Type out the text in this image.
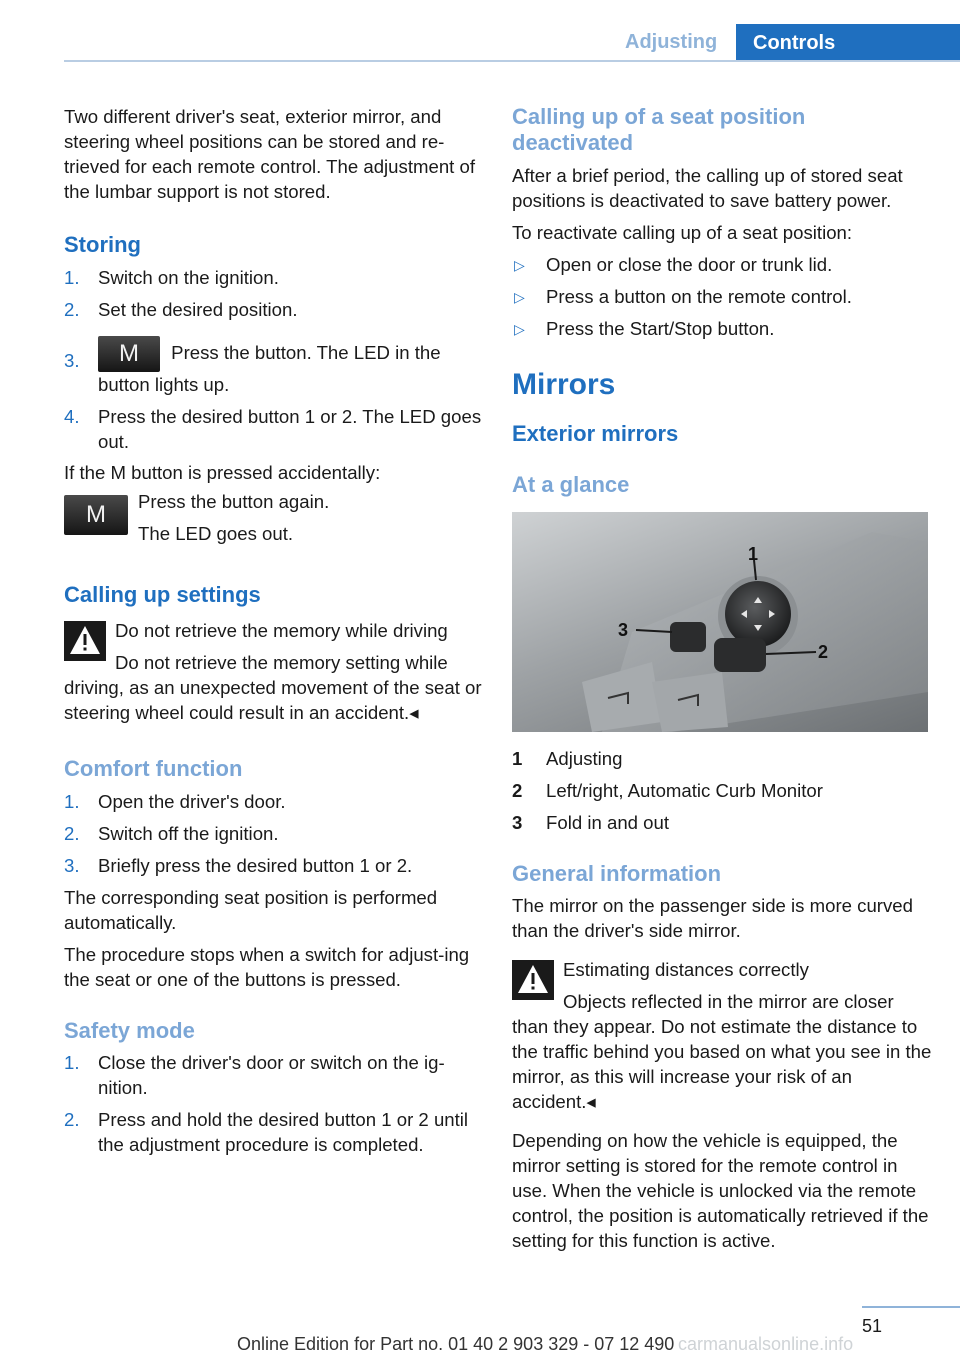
Adjusting Controls

Two different driver's seat, exterior mirror, and steering wheel positions can be stored and re-trieved for each remote control. The adjustment of the lumbar support is not stored.

Storing
1. Switch on the ignition.
2. Set the desired position.
3. M Press the button. The LED in the button lights up.
4. Press the desired button 1 or 2. The LED goes out.

If the M button is pressed accidentally:

M	Press the button again.

The LED goes out.

Calling up settings

Do not retrieve the memory while driving

Do not retrieve the memory setting while driving, as an unexpected movement of the seat or steering wheel could result in an accident.◂

Comfort function
1. Open the driver's door.
2. Switch off the ignition.
3. Briefly press the desired button 1 or 2.

The corresponding seat position is performed automatically.

The procedure stops when a switch for adjust-ing the seat or one of the buttons is pressed.

Safety mode
1. Close the driver's door or switch on the ig-nition.
2. Press and hold the desired button 1 or 2 until the adjustment procedure is completed.
Calling up of a seat position deactivated

After a brief period, the calling up of stored seat positions is deactivated to save battery power.

To reactivate calling up of a seat position:

▷ Open or close the door or trunk lid.
▷ Press a button on the remote control.
▷ Press the Start/Stop button.
Mirrors
Exterior mirrors
At a glance
1
2
3
1 Adjusting
2 Left/right, Automatic Curb Monitor
3 Fold in and out
General information

The mirror on the passenger side is more curved than the driver's side mirror.

Estimating distances correctly

Objects reflected in the mirror are closer than they appear. Do not estimate the distance to the traffic behind you based on what you see in the mirror, as this will increase your risk of an accident.◂

Depending on how the vehicle is equipped, the mirror setting is stored for the remote control in use. When the vehicle is unlocked via the remote control, the position is automatically retrieved if the setting for this function is active.

51
Online Edition for Part no. 01 40 2 903 329 - 07 12 490 carmanualsonline.info
